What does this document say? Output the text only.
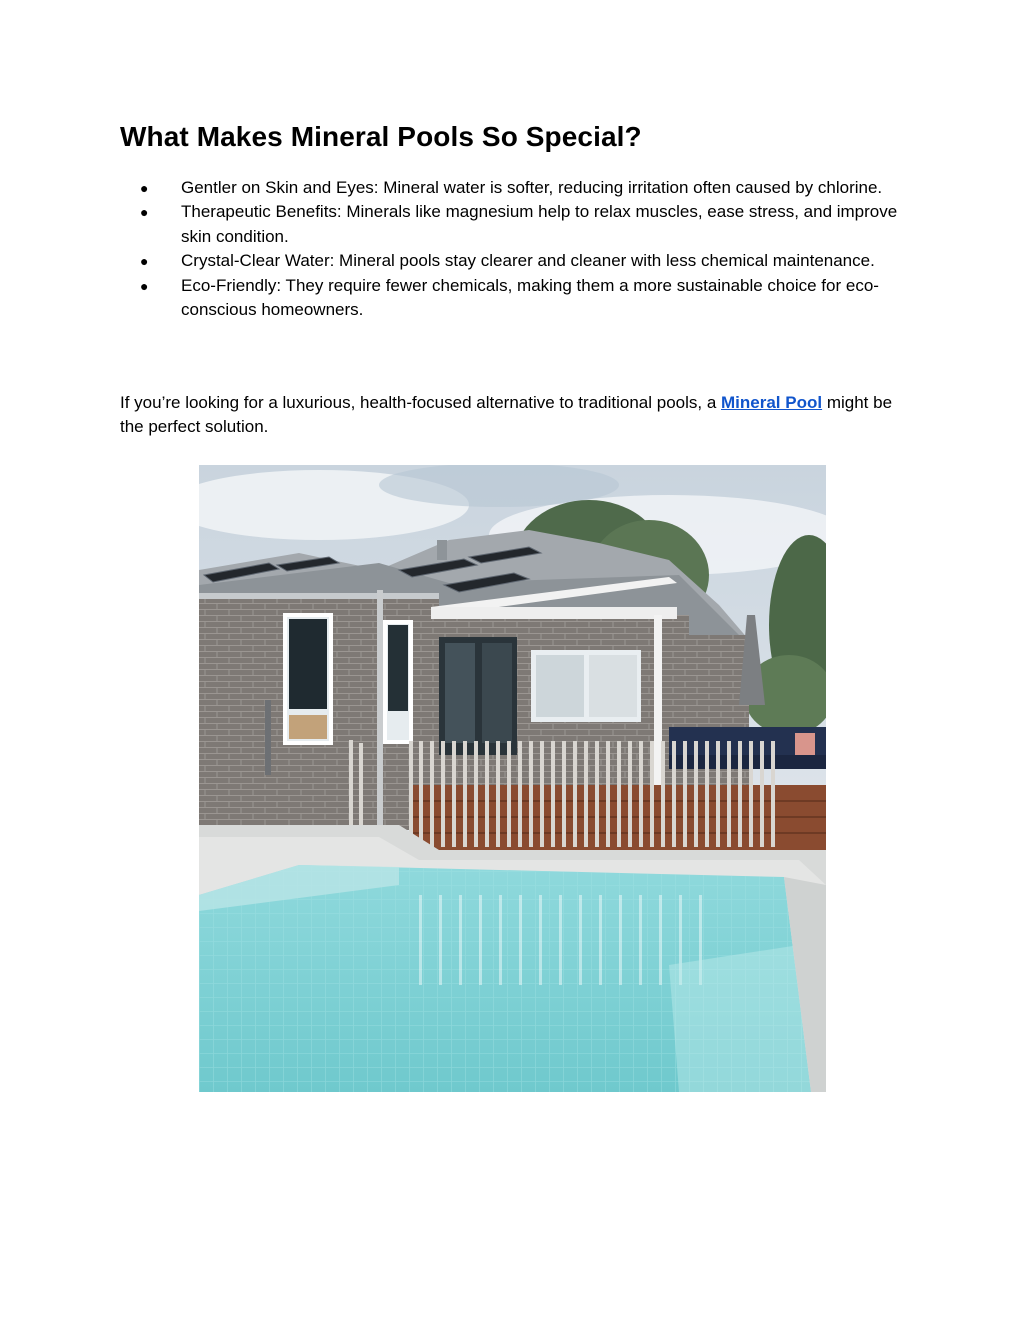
What Makes Mineral Pools So Special?
● Gentler on Skin and Eyes: Mineral water is softer, reducing irritation often caused by chlorine.
● Therapeutic Benefits: Minerals like magnesium help to relax muscles, ease stress, and improve skin condition.
● Crystal-Clear Water: Mineral pools stay clearer and cleaner with less chemical maintenance.
● Eco-Friendly: They require fewer chemicals, making them a more sustainable choice for eco-conscious homeowners.

If you’re looking for a luxurious, health-focused alternative to traditional pools, a Mineral Pool might be the perfect solution.
